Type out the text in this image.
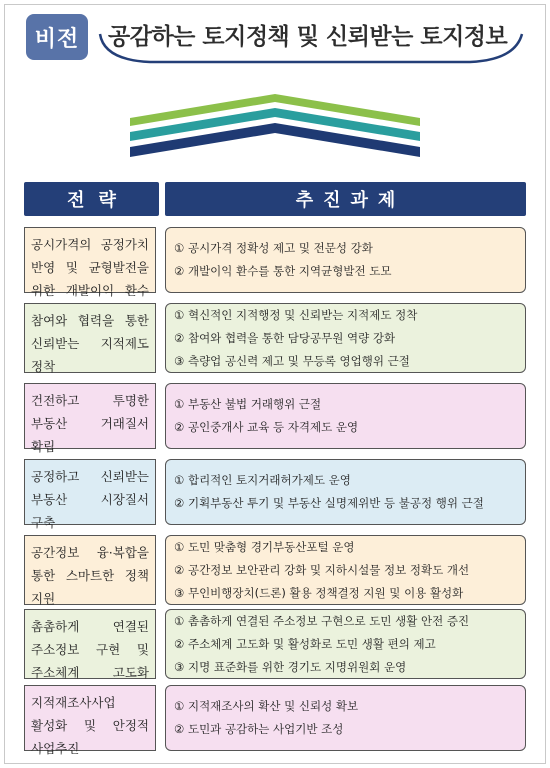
비전	공감하는 토지정책 및 신뢰받는 토지정보
전략	추진과제
공시가격의 공정가치
반영 및 균형발전을
위한 개발이익 환수
① 공시가격 정확성 제고 및 전문성 강화
② 개발이익 환수를 통한 지역균형발전 도모
참여와 협력을 통한
신뢰받는 지적제도
정착
① 혁신적인 지적행정 및 신뢰받는 지적제도 정착
② 참여와 협력을 통한 담당공무원 역량 강화
③ 측량업 공신력 제고 및 무등록 영업행위 근절
건전하고 투명한
부동산 거래질서
확립
① 부동산 불법 거래행위 근절
② 공인중개사 교육 등 자격제도 운영
공정하고 신뢰받는
부동산 시장질서
구축
① 합리적인 토지거래허가제도 운영
② 기획부동산 투기 및 부동산 실명제위반 등 불공정 행위 근절
공간정보 융·복합을
통한 스마트한 정책
지원
① 도민 맞춤형 경기부동산포털 운영
② 공간정보 보안관리 강화 및 지하시설물 정보 정확도 개선
③ 무인비행장치(드론) 활용 정책결정 지원 및 이용 활성화
촘촘하게 연결된
주소정보 구현 및
주소체계 고도화
① 촘촘하게 연결된 주소정보 구현으로 도민 생활 안전 증진
② 주소체계 고도화 및 활성화로 도민 생활 편의 제고
③ 지명 표준화를 위한 경기도 지명위원회 운영
지적재조사사업
활성화 및 안정적
사업추진
① 지적재조사의 확산 및 신뢰성 확보
② 도민과 공감하는 사업기반 조성
